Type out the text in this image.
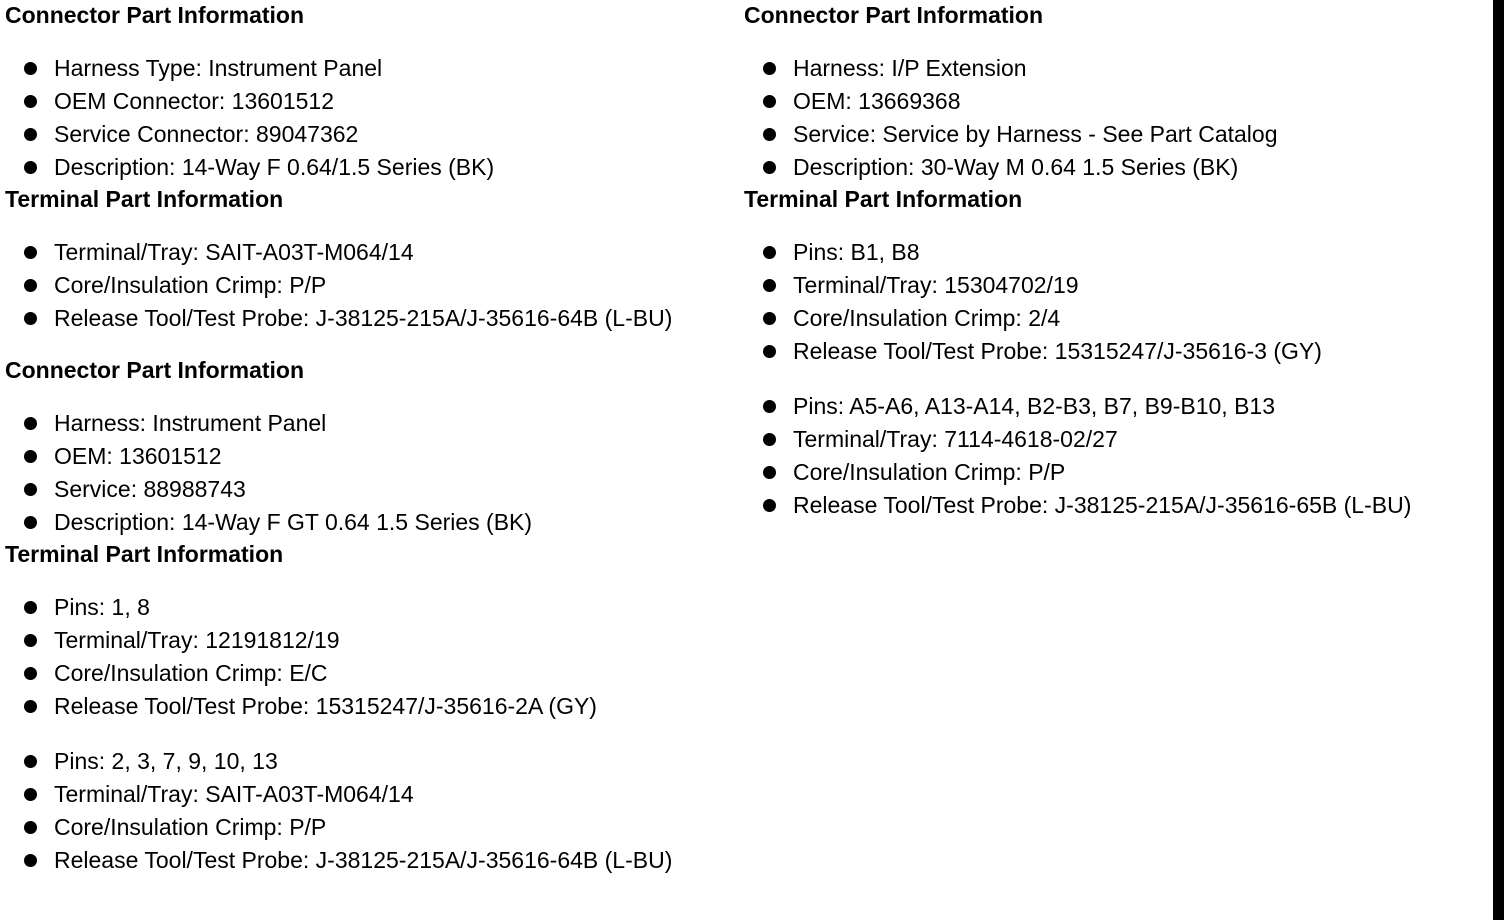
Connector Part Information
Harness Type: Instrument Panel
OEM Connector: 13601512
Service Connector: 89047362
Description: 14-Way F 0.64/1.5 Series (BK)
Terminal Part Information
Terminal/Tray: SAIT-A03T-M064/14
Core/Insulation Crimp: P/P
Release Tool/Test Probe: J-38125-215A/J-35616-64B (L-BU)
Connector Part Information
Harness: Instrument Panel
OEM: 13601512
Service: 88988743
Description: 14-Way F GT 0.64 1.5 Series (BK)
Terminal Part Information
Pins: 1, 8
Terminal/Tray: 12191812/19
Core/Insulation Crimp: E/C
Release Tool/Test Probe: 15315247/J-35616-2A (GY)
Pins: 2, 3, 7, 9, 10, 13
Terminal/Tray: SAIT-A03T-M064/14
Core/Insulation Crimp: P/P
Release Tool/Test Probe: J-38125-215A/J-35616-64B (L-BU)
Connector Part Information
Harness: I/P Extension
OEM: 13669368
Service: Service by Harness - See Part Catalog
Description: 30-Way M 0.64 1.5 Series (BK)
Terminal Part Information
Pins: B1, B8
Terminal/Tray: 15304702/19
Core/Insulation Crimp: 2/4
Release Tool/Test Probe: 15315247/J-35616-3 (GY)
Pins: A5-A6, A13-A14, B2-B3, B7, B9-B10, B13
Terminal/Tray: 7114-4618-02/27
Core/Insulation Crimp: P/P
Release Tool/Test Probe: J-38125-215A/J-35616-65B (L-BU)
